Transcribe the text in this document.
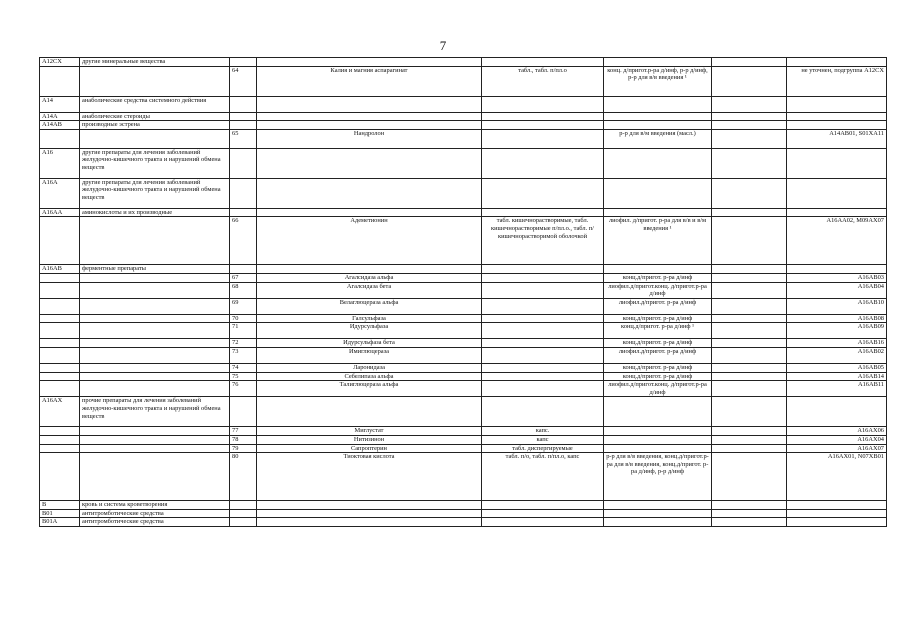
7
A12CX	другие минеральные вещества						
		64	Калия и магния аспарагинат	табл., табл. п/пл.о	конц. д/пригот.р-ра д/инф, р-р д/инф, р-р для в/в введения ¹		не уточнен, подгруппа A12CX
A14	анаболические средства системного действия						
A14A	анаболические стероиды						
A14AB	производные эстрена						
		65	Нандролон		р-р для в/м введения (масл.)		A14AB01, S01XA11
A16	другие препараты для лечения заболеваний желудочно-кишечного тракта и нарушений обмена веществ						
A16A	другие препараты для лечения заболеваний желудочно-кишечного тракта и нарушений обмена веществ						
A16AA	аминокислоты и их производные						
		66	Адеметионин	табл. кишечнорастворимые, табл. кишечнорастворимые п/пл.о., табл. п/кишечнорастворимой оболочкой	лиофил. д/пригот. р-ра для в/в и в/м введения ¹		A16AA02, M09AX07
A16AB	ферментные препараты						
		67	Агалсидаза альфа		конц.д/пригот. р-ра д/инф		A16AB03
		68	Агалсидаза бета		лиофил.д/пригот.конц. д/пригот.р-ра д/инф		A16AB04
		69	Велаглюцераза альфа		лиофил.д/пригот. р-ра д/инф		A16AB10
		70	Галсульфаза		конц.д/пригот. р-ра д/инф		A16AB08
		71	Идурсульфаза		конц.д/пригот. р-ра д/инф ¹		A16AB09
		72	Идурсульфаза бета		конц.д/пригот. р-ра д/инф		A16AB16
		73	Имиглюцераза		лиофил.д/пригот. р-ра д/инф		A16AB02
		74	Ларонидаза		конц.д/пригот. р-ра д/инф		A16AB05
		75	Себелипаза альфа		конц.д/пригот. р-ра д/инф		A16AB14
		76	Талиглюцераза альфа		лиофил.д/пригот.конц. д/пригот.р-ра д/инф		A16AB11
A16AX	прочие препараты для лечения заболеваний желудочно-кишечного тракта и нарушений обмена веществ						
		77	Миглустат	капс.			A16AX06
		78	Нитизинон	капс			A16AX04
		79	Сапроптерин	табл. диспергируемые			A16AX07
		80	Тиоктовая кислота	табл. п/о, табл. п/пл.о, капс	р-р для в/в введения, конц.д/пригот.р-ра для в/в введения, конц.д/пригот. р-ра д/инф, р-р д/инф		A16AX01, N07XB01
B	кровь и система кроветворения						
B01	антитромботические средства						
B01A	антитромботические средства						
